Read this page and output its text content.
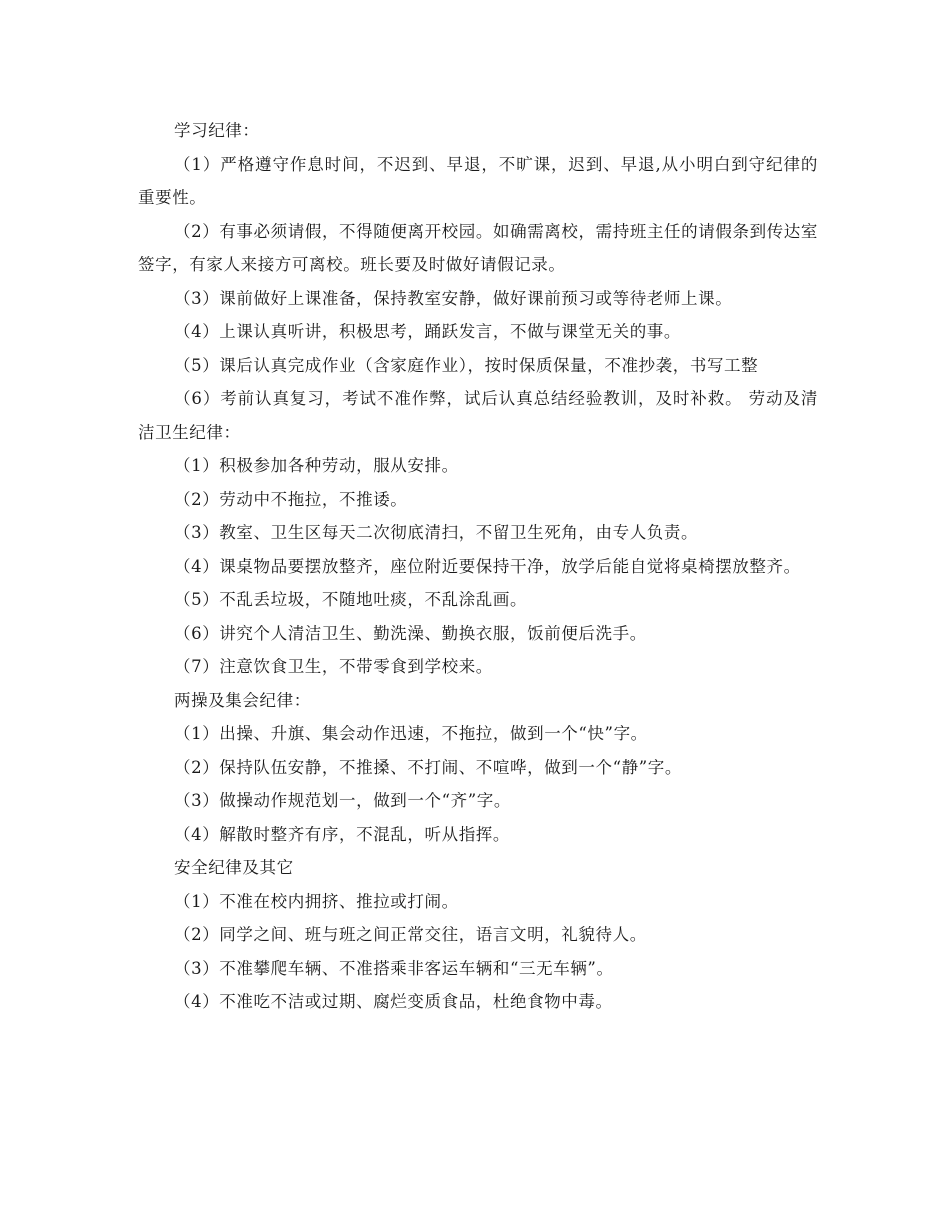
学习纪律：

（1）严格遵守作息时间，不迟到、早退，不旷课，迟到、早退,从小明白到守纪律的重要性。

（2）有事必须请假，不得随便离开校园。如确需离校，需持班主任的请假条到传达室签字，有家人来接方可离校。班长要及时做好请假记录。

（3）课前做好上课准备，保持教室安静，做好课前预习或等待老师上课。

（4）上课认真听讲，积极思考，踊跃发言，不做与课堂无关的事。

（5）课后认真完成作业（含家庭作业），按时保质保量，不准抄袭，书写工整

（6）考前认真复习，考试不准作弊，试后认真总结经验教训，及时补救。 劳动及清洁卫生纪律：

（1）积极参加各种劳动，服从安排。

（2）劳动中不拖拉，不推诿。

（3）教室、卫生区每天二次彻底清扫，不留卫生死角，由专人负责。

（4）课桌物品要摆放整齐，座位附近要保持干净，放学后能自觉将桌椅摆放整齐。

（5）不乱丢垃圾，不随地吐痰，不乱涂乱画。

（6）讲究个人清洁卫生、勤洗澡、勤换衣服，饭前便后洗手。

（7）注意饮食卫生，不带零食到学校来。

两操及集会纪律：

（1）出操、升旗、集会动作迅速，不拖拉，做到一个“快”字。

（2）保持队伍安静，不推搡、不打闹、不喧哗，做到一个“静”字。

（3）做操动作规范划一，做到一个“齐”字。

（4）解散时整齐有序，不混乱，听从指挥。

安全纪律及其它

（1）不准在校内拥挤、推拉或打闹。

（2）同学之间、班与班之间正常交往，语言文明，礼貌待人。

（3）不准攀爬车辆、不准搭乘非客运车辆和“三无车辆”。

（4）不准吃不洁或过期、腐烂变质食品，杜绝食物中毒。
